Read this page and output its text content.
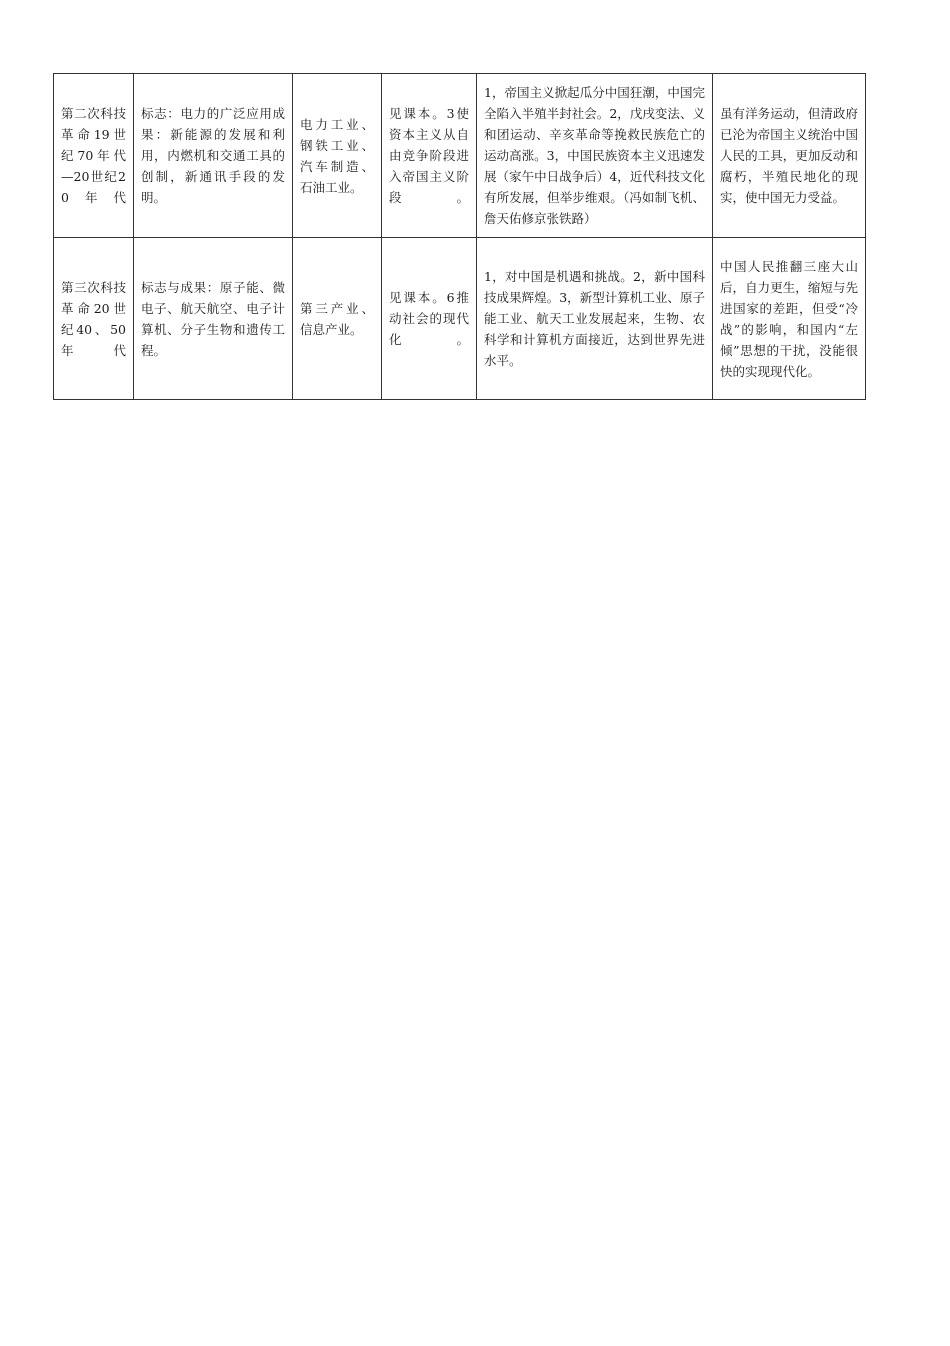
第二次科技革命19世纪70年代—20世纪20年代	标志：电力的广泛应用成果：新能源的发展和利用，内燃机和交通工具的创制，新通讯手段的发明。	电力工业、钢铁工业、汽车制造、石油工业。	见课本。3使资本主义从自由竞争阶段进入帝国主义阶段。	1，帝国主义掀起瓜分中国狂潮，中国完全陷入半殖半封社会。2，戊戌变法、义和团运动、辛亥革命等挽救民族危亡的运动高涨。3，中国民族资本主义迅速发展（家午中日战争后）4，近代科技文化有所发展，但举步维艰。（冯如制飞机、詹天佑修京张铁路）	虽有洋务运动，但清政府已沦为帝国主义统治中国人民的工具，更加反动和腐朽，半殖民地化的现实，使中国无力受益。

第三次科技革命20世纪40、50年代	标志与成果：原子能、微电子、航天航空、电子计算机、分子生物和遗传工程。	第三产业、信息产业。	见课本。6推动社会的现代化。	1，对中国是机遇和挑战。2，新中国科技成果辉煌。3，新型计算机工业、原子能工业、航天工业发展起来，生物、农科学和计算机方面接近，达到世界先进水平。	中国人民推翻三座大山后，自力更生，缩短与先进国家的差距，但受“冷战”的影响，和国内“左倾”思想的干扰，没能很快的实现现代化。
